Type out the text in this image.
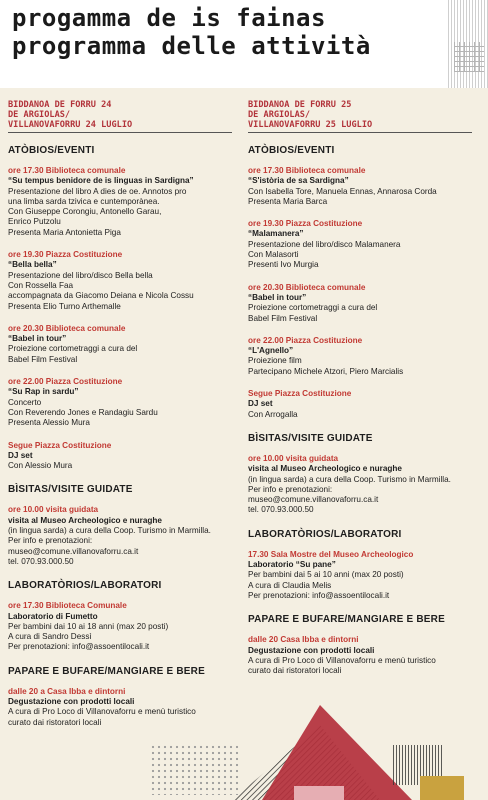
progamma de is fainas
programma delle attività
BIDDANOA DE FORRU 24
DE ARGIOLAS/
VILLANOVAFORRU 24 LUGLIO
ATÒBIOS/EVENTI
ore 17.30 Biblioteca comunale
“Su tempus benidore de is linguas in Sardigna”
Presentazione del libro A dies de oe. Annotos pro
una limba sarda tzivica e cuntemporànea.
Con Giuseppe Corongiu, Antonello Garau,
Enrico Putzolu
Presenta Maria Antonietta Piga
ore 19.30 Piazza Costituzione
“Bella bella”
Presentazione del libro/disco Bella bella
Con Rossella Faa
accompagnata da Giacomo Deiana e Nicola Cossu
Presenta Elio Turno Arthemalle
ore 20.30 Biblioteca comunale
“Babel in tour”
Proiezione cortometraggi a cura del
Babel Film Festival
ore 22.00 Piazza Costituzione
“Su Rap in sardu”
Concerto
Con Reverendo Jones e Randagiu Sardu
Presenta Alessio Mura
Segue Piazza Costituzione
DJ set
Con Alessio Mura
BÌSITAS/VISITE GUIDATE
ore 10.00 visita guidata
visita al Museo Archeologico e nuraghe
(in lingua sarda) a cura della Coop. Turismo in Marmilla.
Per info e prenotazioni:
museo@comune.villanovaforru.ca.it
tel. 070.93.000.50
LABORATÒRIOS/LABORATORI
ore 17.30 Biblioteca Comunale
Laboratorio di Fumetto
Per bambini dai 10 ai 18 anni (max 20 posti)
A cura di Sandro Dessì
Per prenotazioni: info@assoentilocali.it
PAPARE E BUFARE/MANGIARE E BERE
dalle 20 a Casa Ibba e dintorni
Degustazione con prodotti locali
A cura di Pro Loco di Villanovaforru e menù turistico
curato dai ristoratori locali
BIDDANOA DE FORRU 25
DE ARGIOLAS/
VILLANOVAFORRU 25 LUGLIO
ATÒBIOS/EVENTI
ore 17.30 Biblioteca comunale
“S'istòria de sa Sardigna”
Con Isabella Tore, Manuela Ennas, Annarosa Corda
Presenta Maria Barca
ore 19.30 Piazza Costituzione
“Malamanera”
Presentazione del libro/disco Malamanera
Con Malasorti
Presenti Ivo Murgia
ore 20.30 Biblioteca comunale
“Babel in tour”
Proiezione cortometraggi a cura del
Babel Film Festival
ore 22.00 Piazza Costituzione
“L'Agnello”
Proiezione film
Partecipano Michele Atzori, Piero Marcialis
Segue Piazza Costituzione
DJ set
Con Arrogalla
BÌSITAS/VISITE GUIDATE
ore 10.00 visita guidata
visita al Museo Archeologico e nuraghe
(in lingua sarda) a cura della Coop. Turismo in Marmilla.
Per info e prenotazioni:
museo@comune.villanovaforru.ca.it
tel. 070.93.000.50
LABORATÒRIOS/LABORATORI
17.30 Sala Mostre del Museo Archeologico
Laboratorio “Su pane”
Per bambini dai 5 ai 10 anni (max 20 posti)
A cura di Claudia Melis
Per prenotazioni: info@assoentilocali.it
PAPARE E BUFARE/MANGIARE E BERE
dalle 20 Casa Ibba e dintorni
Degustazione con prodotti locali
A cura di Pro Loco di Villanovaforru e menù turistico
curato dai ristoratori locali
